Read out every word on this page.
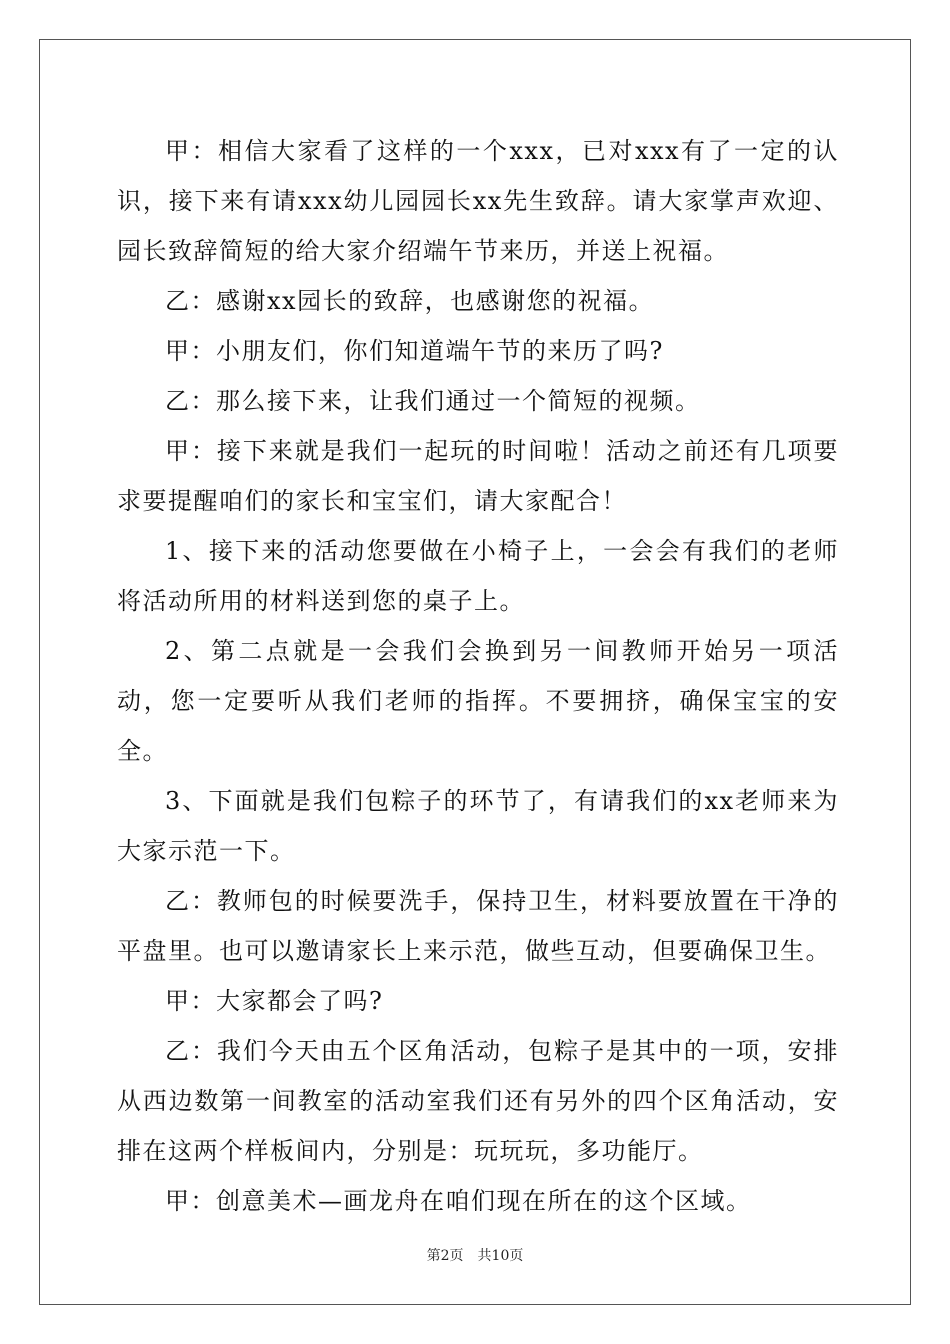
甲：相信大家看了这样的一个xxx，已对xxx有了一定的认识，接下来有请xxx幼儿园园长xx先生致辞。请大家掌声欢迎、园长致辞简短的给大家介绍端午节来历，并送上祝福。

乙：感谢xx园长的致辞，也感谢您的祝福。

甲：小朋友们，你们知道端午节的来历了吗?

乙：那么接下来，让我们通过一个简短的视频。

甲：接下来就是我们一起玩的时间啦！活动之前还有几项要求要提醒咱们的家长和宝宝们，请大家配合！

1、接下来的活动您要做在小椅子上，一会会有我们的老师将活动所用的材料送到您的桌子上。

2、第二点就是一会我们会换到另一间教师开始另一项活动，您一定要听从我们老师的指挥。不要拥挤，确保宝宝的安全。

3、下面就是我们包粽子的环节了，有请我们的xx老师来为大家示范一下。

乙：教师包的时候要洗手，保持卫生，材料要放置在干净的平盘里。也可以邀请家长上来示范，做些互动，但要确保卫生。

甲：大家都会了吗?

乙：我们今天由五个区角活动，包粽子是其中的一项，安排从西边数第一间教室的活动室我们还有另外的四个区角活动，安排在这两个样板间内，分别是：玩玩玩，多功能厅。

甲：创意美术—画龙舟在咱们现在所在的这个区域。

第2页　共10页
